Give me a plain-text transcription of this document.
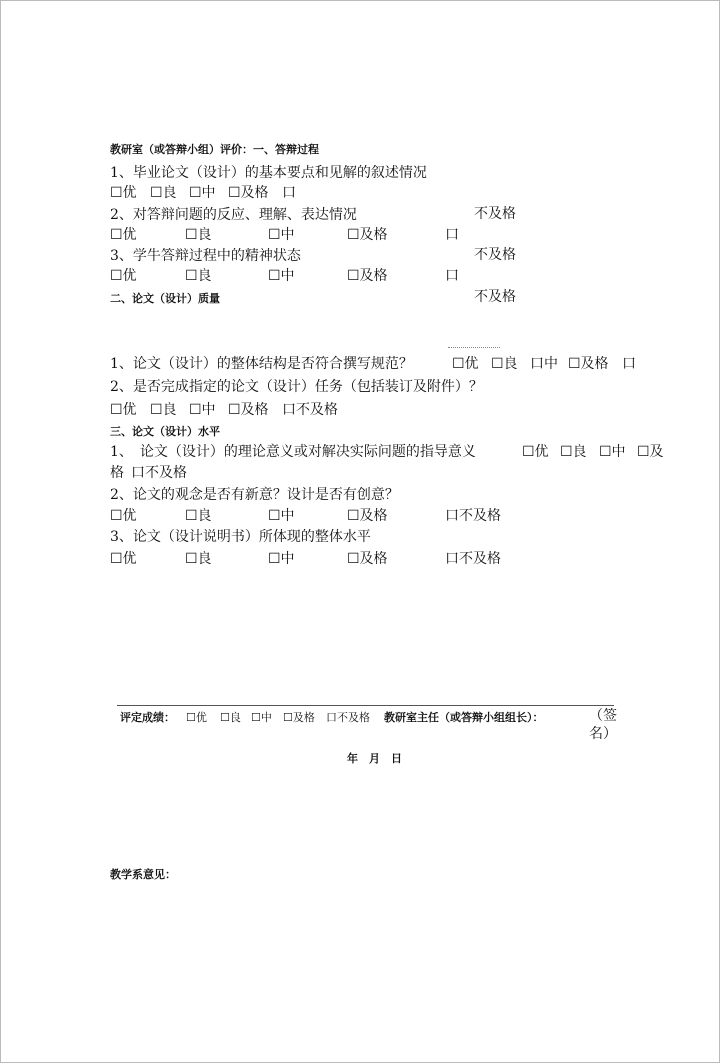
教研室（或答辩小组）评价：一、答辩过程
1、毕业论文（设计）的基本要点和见解的叙述情况
☐优 ☐良 ☐中 ☐及格 口
不及格
2、对答辩问题的反应、理解、表达情况
☐优	☐良	☐中	☐及格	口
不及格
3、学牛答辩过程中的精神状态
☐优	☐良	☐中	☐及格	口
不及格
二、论文（设计）质量
1、论文（设计）的整体结构是否符合撰写规范？	☐优 ☐良 口中 ☐及格 口
2、是否完成指定的论文（设计）任务（包括装订及附件）？
☐优 ☐良 ☐中 ☐及格 口不及格
三、论文（设计）水平
1、　论文（设计）的理论意义或对解决实际问题的指导意义	☐优 ☐良 ☐中 ☐及
格 口不及格
2、论文的观念是否有新意？设计是否有创意？
☐优	☐良	☐中	☐及格	口不及格
3、论文（设计说明书）所体现的整体水平
☐优	☐良	☐中	☐及格	口不及格
评定成绩： ☐优 ☐良 ☐中 ☐及格 口不及格 教研室主任（或答辩小组组长）：	（签名）
年　月　日
教学系意见：
